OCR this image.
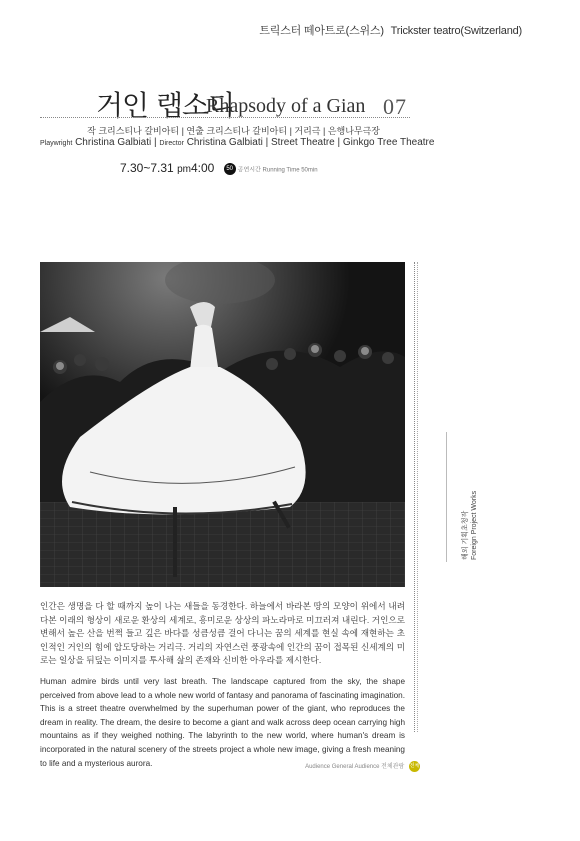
트릭스터 떼아트로(스위스) Trickster teatro(Switzerland)
거인 랩소디
Rhapsody of a Gian 07
작 크리스티나 갈비아티 | 연출 크리스티나 갈비아티 | 거리극 | 은행나무극장
Playwright Christina Galbiati | Director Christina Galbiati | Street Theatre | Ginkgo Tree Theatre
7.30~7.31 pm4:00 50 공연시간 Running Time 50min
해외 기획초청작 Foreign Project Works
인간은 생명을 다 할 때까지 높이 나는 새들을 동경한다. 하늘에서 바라본 땅의 모양이 위에서 내려다본 이래의 형상이 새로운 환상의 세계로, 흥미로운 상상의 파노라마로 미끄러져 내린다. 거인으로 변해서 높은 산을 번쩍 들고 깊은 바다를 성큼성큼 걸어 다니는 꿈의 세계를 현실 속에 재현하는 초인적인 거인의 힘에 압도당하는 거리극. 거리의 자연스런 풍광속에 인간의 꿈이 접목된 신세계의 미로는 일상을 뒤덮는 이미지를 투사해 삶의 존재와 신비한 아우라를 제시한다.
Human admire birds until very last breath. The landscape captured from the sky, the shape perceived from above lead to a whole new world of fantasy and panorama of fascinating imagination. This is a street theatre overwhelmed by the superhuman power of the giant, who reproduces the dream in reality. The dream, the desire to become a giant and walk across deep ocean carrying high mountains as if they weighed nothing. The labyrinth to the new world, where human's dream is incorporated in the natural scenery of the streets project a whole new image, giving a fresh meaning to life and a mysterious aurora.	Audience General Audience 전체관람 전체
